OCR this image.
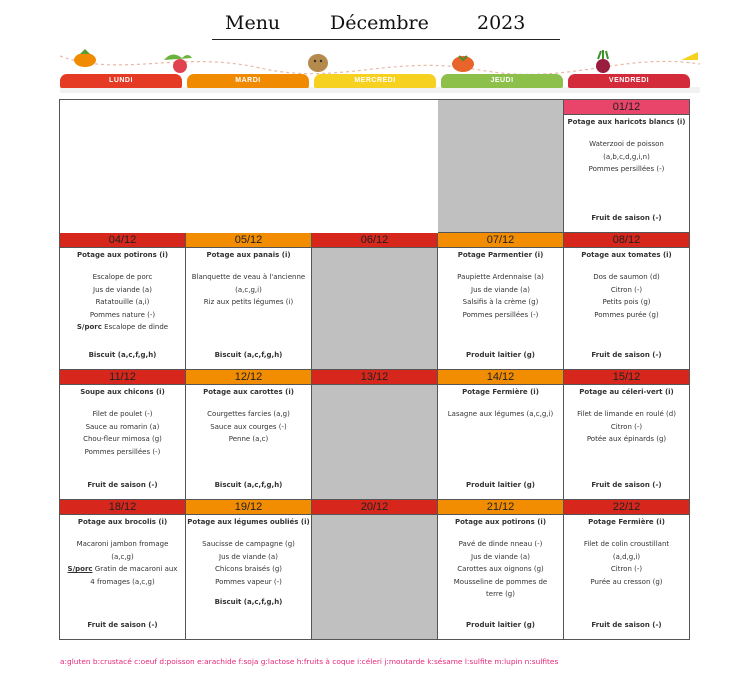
Menu	Décembre	2023
LUNDI	MARDI	MERCREDI	JEUDI	VENDREDI
01/12
Potage aux haricots blancs (i)
Waterzooi de poisson
(a,b,c,d,g,i,n)
Pommes persillées (-)
Fruit de saison (-)
04/12
Potage aux potirons (i)
Escalope de porc
Jus de viande (a)
Ratatouille (a,i)
Pommes nature (-)
S/porc Escalope de dinde
Biscuit (a,c,f,g,h)
05/12
Potage aux panais (i)
Blanquette de veau à l'ancienne
(a,c,g,i)
Riz aux petits légumes (i)
Biscuit (a,c,f,g,h)
06/12	07/12
Potage Parmentier (i)
Paupiette Ardennaise (a)
Jus de viande (a)
Salsifis à la crème (g)
Pommes persillées (-)
Produit laitier (g)
08/12
Potage aux tomates (i)
Dos de saumon (d)
Citron (-)
Petits pois (g)
Pommes purée (g)
Fruit de saison (-)
11/12
Soupe aux chicons (i)
Filet de poulet (-)
Sauce au romarin (a)
Chou-fleur mimosa (g)
Pommes persillées (-)
Fruit de saison (-)
12/12
Potage aux carottes (i)
Courgettes farcies (a,g)
Sauce aux courges (-)
Penne (a,c)
Biscuit (a,c,f,g,h)
13/12	14/12
Potage Fermière (i)
Lasagne aux légumes (a,c,g,i)
Produit laitier (g)
15/12
Potage au céleri-vert (i)
Filet de limande en roulé (d)
Citron (-)
Potée aux épinards (g)
Fruit de saison (-)
18/12
Potage aux brocolis (i)
Macaroni jambon fromage
(a,c,g)
S/porc Gratin de macaroni aux
4 fromages (a,c,g)
Fruit de saison (-)
19/12
Potage aux légumes oubliés (i)
Saucisse de campagne (g)
Jus de viande (a)
Chicons braisés (g)
Pommes vapeur (-)
Biscuit (a,c,f,g,h)
20/12	21/12
Potage aux potirons (i)
Pavé de dinde nneau (-)
Jus de viande (a)
Carottes aux oignons (g)
Mousseline de pommes de
terre (g)
Produit laitier (g)
22/12
Potage Fermière (i)
Filet de colin croustillant
(a,d,g,i)
Citron (-)
Purée au cresson (g)
Fruit de saison (-)
a:gluten b:crustacé c:oeuf d:poisson e:arachide f:soja g:lactose h:fruits à coque i:céleri j:moutarde k:sésame l:sulfite m:lupin n:sulfites
